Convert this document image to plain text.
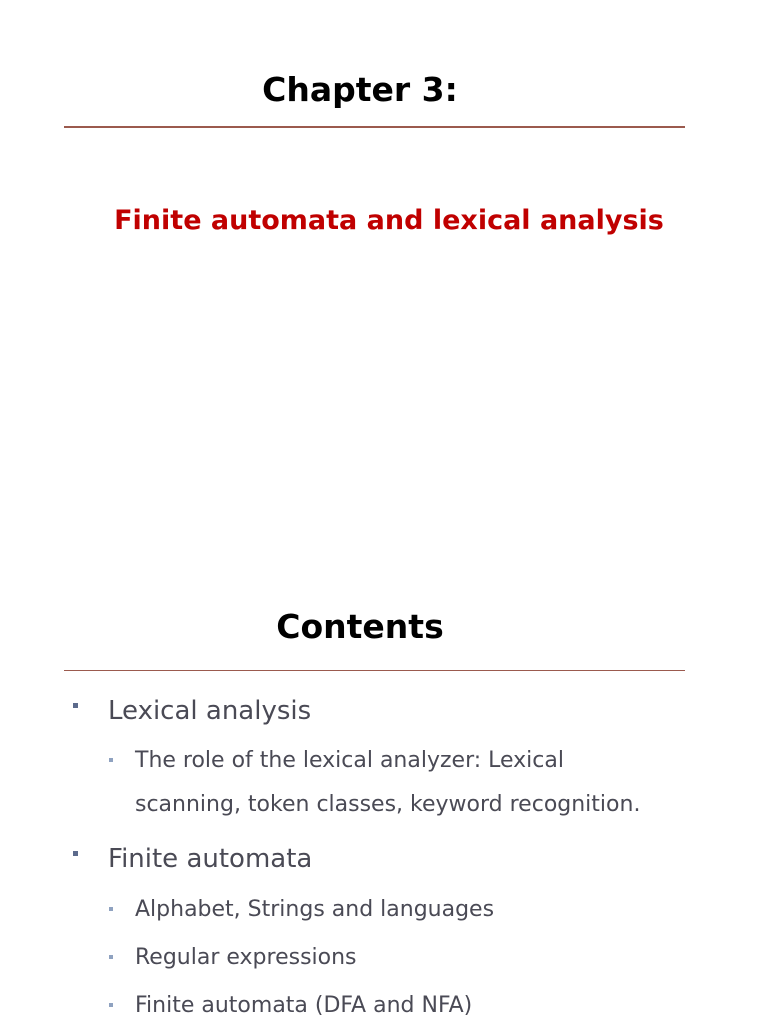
Chapter 3:
Finite automata and lexical analysis
Contents
Lexical analysis
The role of the lexical analyzer: Lexical
scanning, token classes, keyword recognition.
Finite automata
Alphabet, Strings and languages
Regular expressions
Finite automata (DFA and NFA)
